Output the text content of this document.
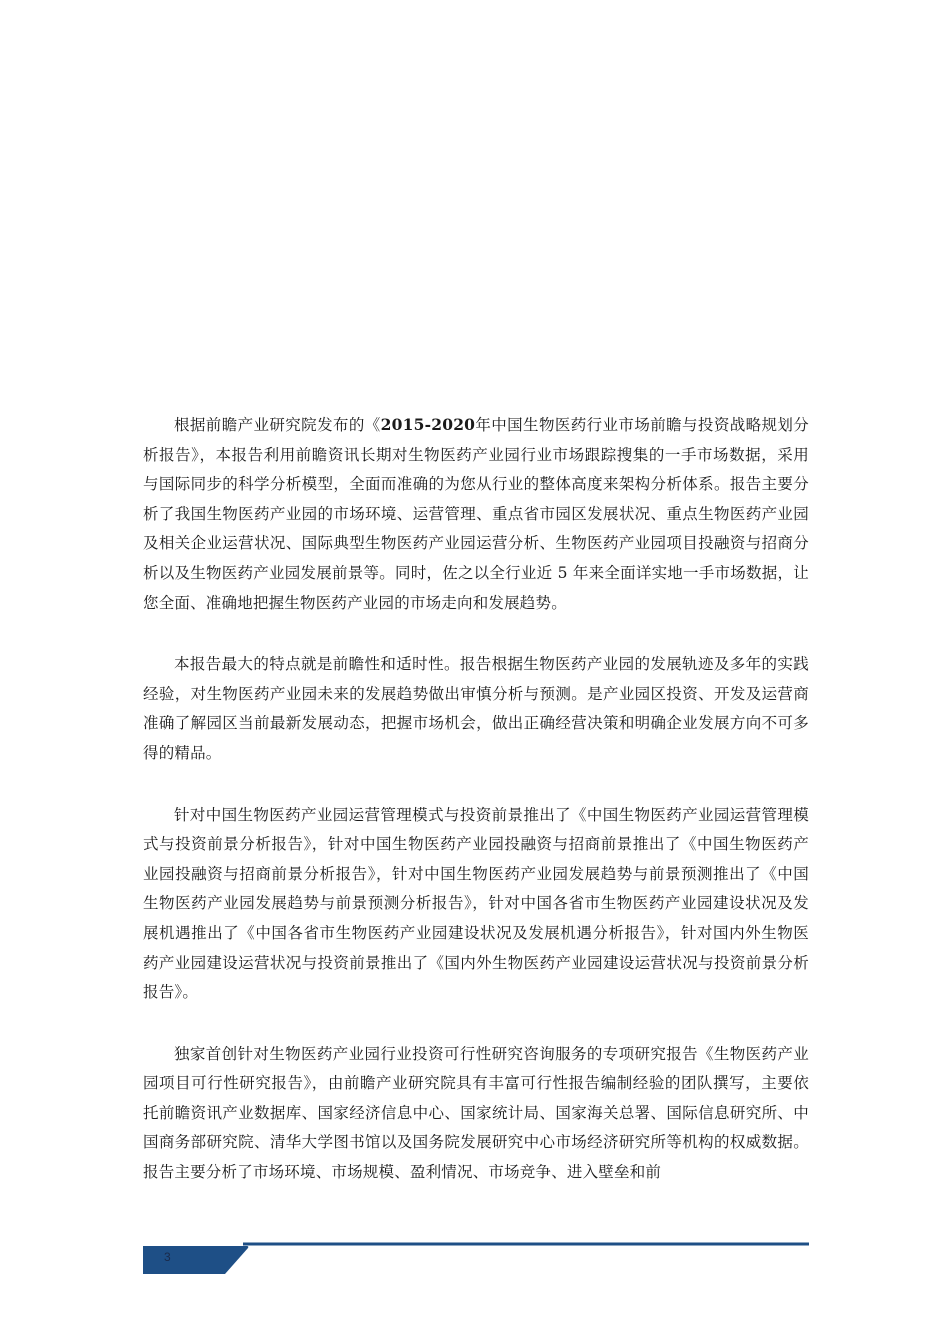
根据前瞻产业研究院发布的《2015-2020年中国生物医药行业市场前瞻与投资战略规划分析报告》，本报告利用前瞻资讯长期对生物医药产业园行业市场跟踪搜集的一手市场数据，采用与国际同步的科学分析模型，全面而准确的为您从行业的整体高度来架构分析体系。报告主要分析了我国生物医药产业园的市场环境、运营管理、重点省市园区发展状况、重点生物医药产业园及相关企业运营状况、国际典型生物医药产业园运营分析、生物医药产业园项目投融资与招商分析以及生物医药产业园发展前景等。同时，佐之以全行业近 5 年来全面详实地一手市场数据，让您全面、准确地把握生物医药产业园的市场走向和发展趋势。

本报告最大的特点就是前瞻性和适时性。报告根据生物医药产业园的发展轨迹及多年的实践经验，对生物医药产业园未来的发展趋势做出审慎分析与预测。是产业园区投资、开发及运营商准确了解园区当前最新发展动态，把握市场机会，做出正确经营决策和明确企业发展方向不可多得的精品。

针对中国生物医药产业园运营管理模式与投资前景推出了《中国生物医药产业园运营管理模式与投资前景分析报告》，针对中国生物医药产业园投融资与招商前景推出了《中国生物医药产业园投融资与招商前景分析报告》，针对中国生物医药产业园发展趋势与前景预测推出了《中国生物医药产业园发展趋势与前景预测分析报告》，针对中国各省市生物医药产业园建设状况及发展机遇推出了《中国各省市生物医药产业园建设状况及发展机遇分析报告》，针对国内外生物医药产业园建设运营状况与投资前景推出了《国内外生物医药产业园建设运营状况与投资前景分析报告》。

独家首创针对生物医药产业园行业投资可行性研究咨询服务的专项研究报告《生物医药产业园项目可行性研究报告》，由前瞻产业研究院具有丰富可行性报告编制经验的团队撰写，主要依托前瞻资讯产业数据库、国家经济信息中心、国家统计局、国家海关总署、国际信息研究所、中国商务部研究院、清华大学图书馆以及国务院发展研究中心市场经济研究所等机构的权威数据。报告主要分析了市场环境、市场规模、盈利情况、市场竞争、进入壁垒和前

3
